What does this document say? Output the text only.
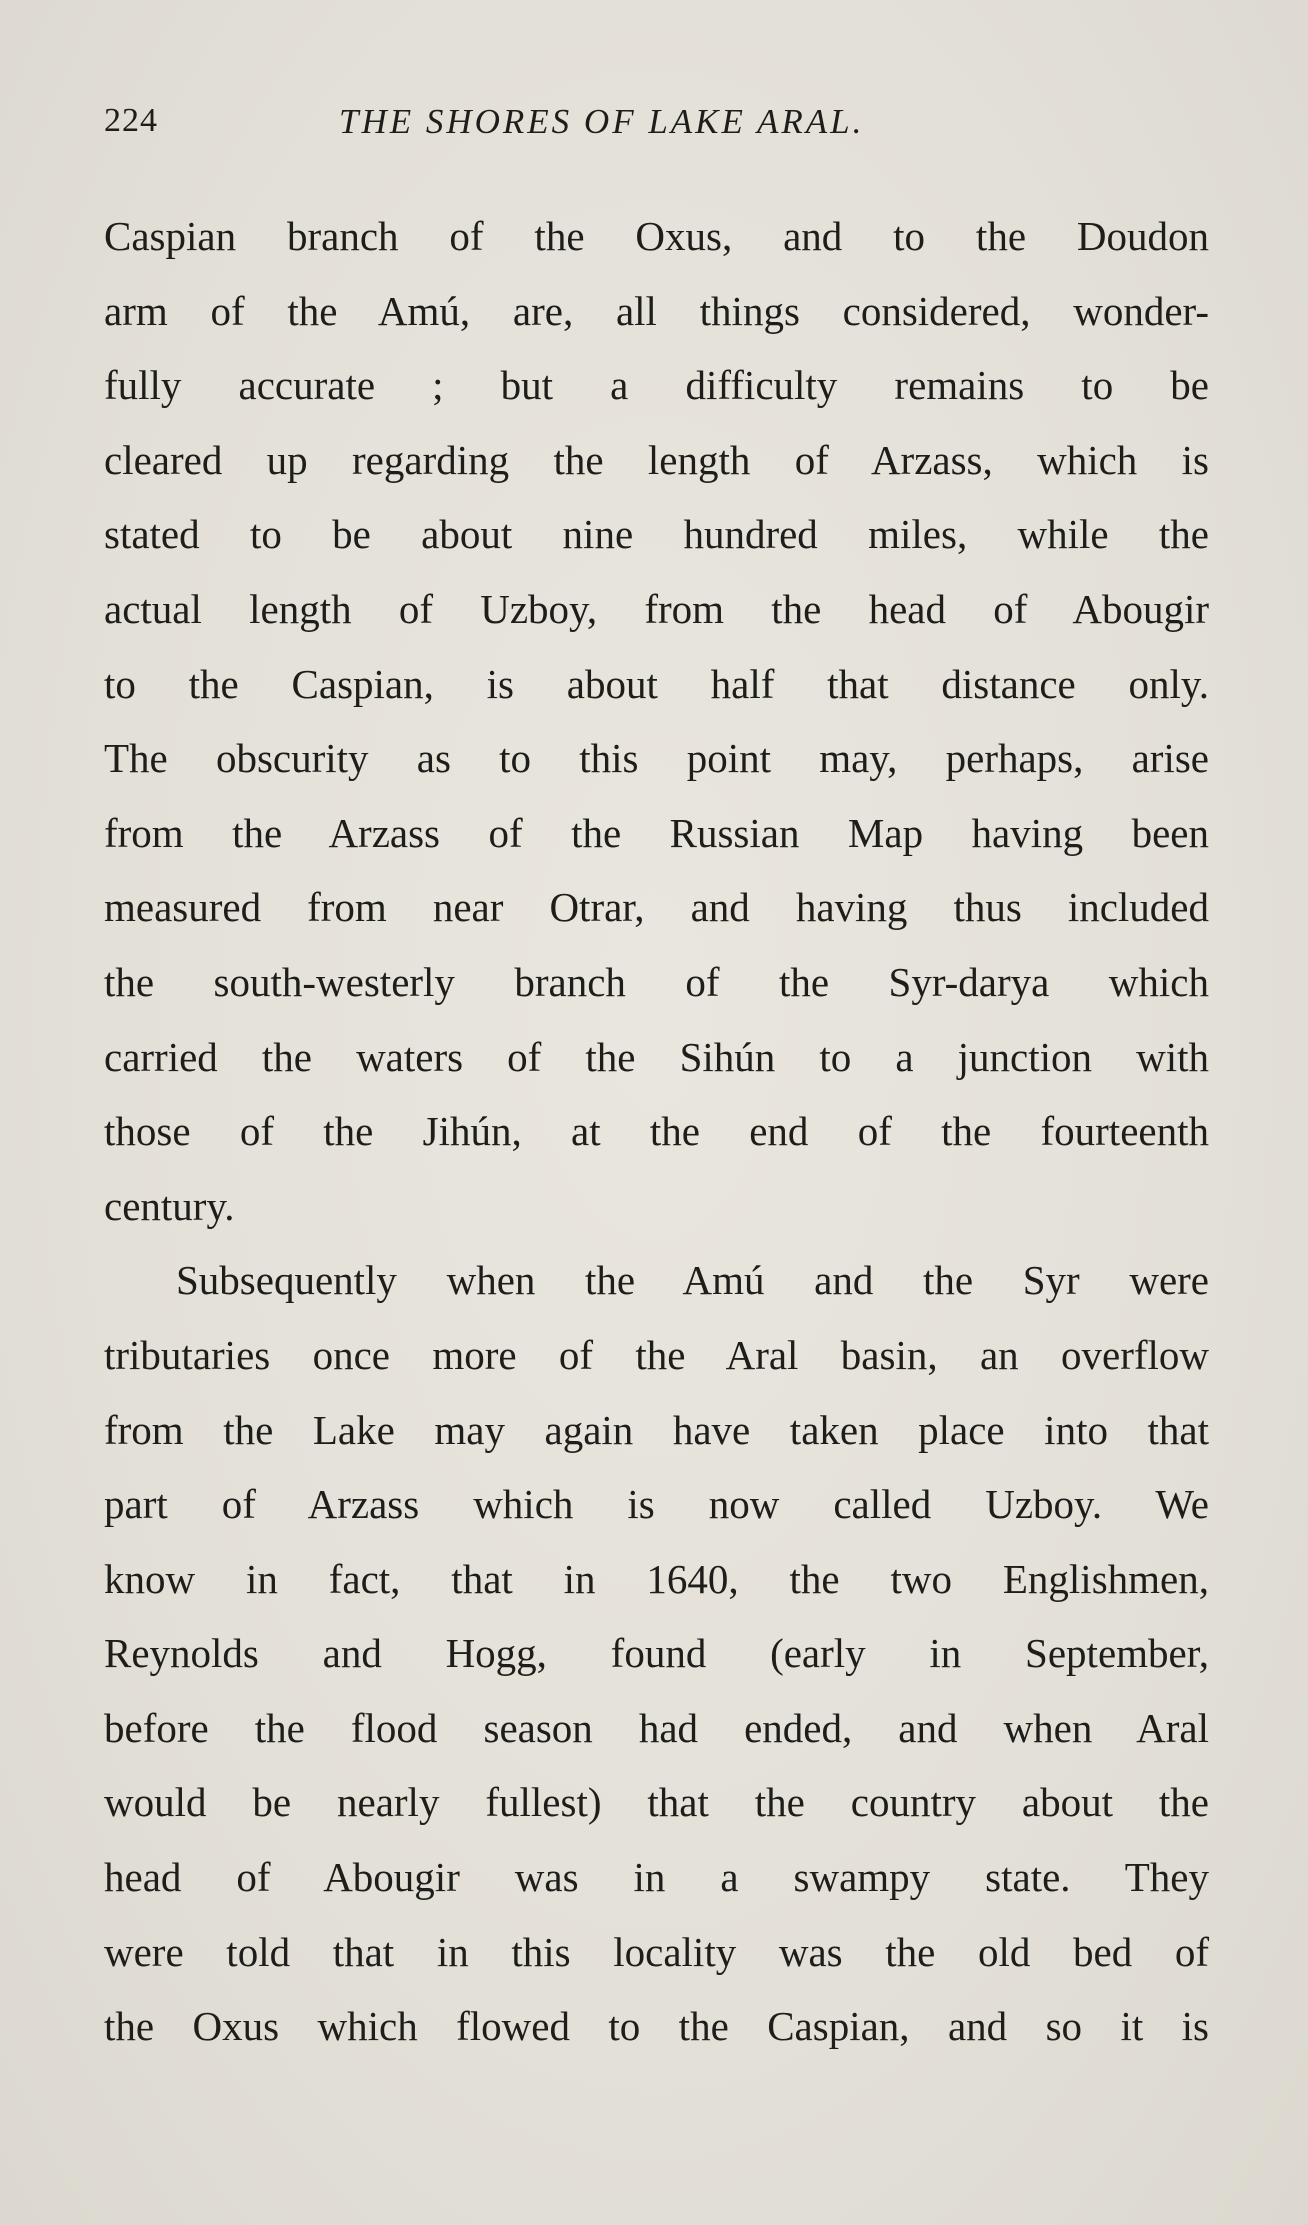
224	THE SHORES OF LAKE ARAL.
Caspian branch of the Oxus, and to the Doudon
arm of the Amú, are, all things considered, wonder-
fully accurate ; but a difficulty remains to be
cleared up regarding the length of Arzass, which is
stated to be about nine hundred miles, while the
actual length of Uzboy, from the head of Abougir
to the Caspian, is about half that distance only.
The obscurity as to this point may, perhaps, arise
from the Arzass of the Russian Map having been
measured from near Otrar, and having thus included
the south-westerly branch of the Syr-darya which
carried the waters of the Sihún to a junction with
those of the Jihún, at the end of the fourteenth
century.
Subsequently when the Amú and the Syr were
tributaries once more of the Aral basin, an overflow
from the Lake may again have taken place into that
part of Arzass which is now called Uzboy. We
know in fact, that in 1640, the two Englishmen,
Reynolds and Hogg, found (early in September,
before the flood season had ended, and when Aral
would be nearly fullest) that the country about the
head of Abougir was in a swampy state. They
were told that in this locality was the old bed of
the Oxus which flowed to the Caspian, and so it is
